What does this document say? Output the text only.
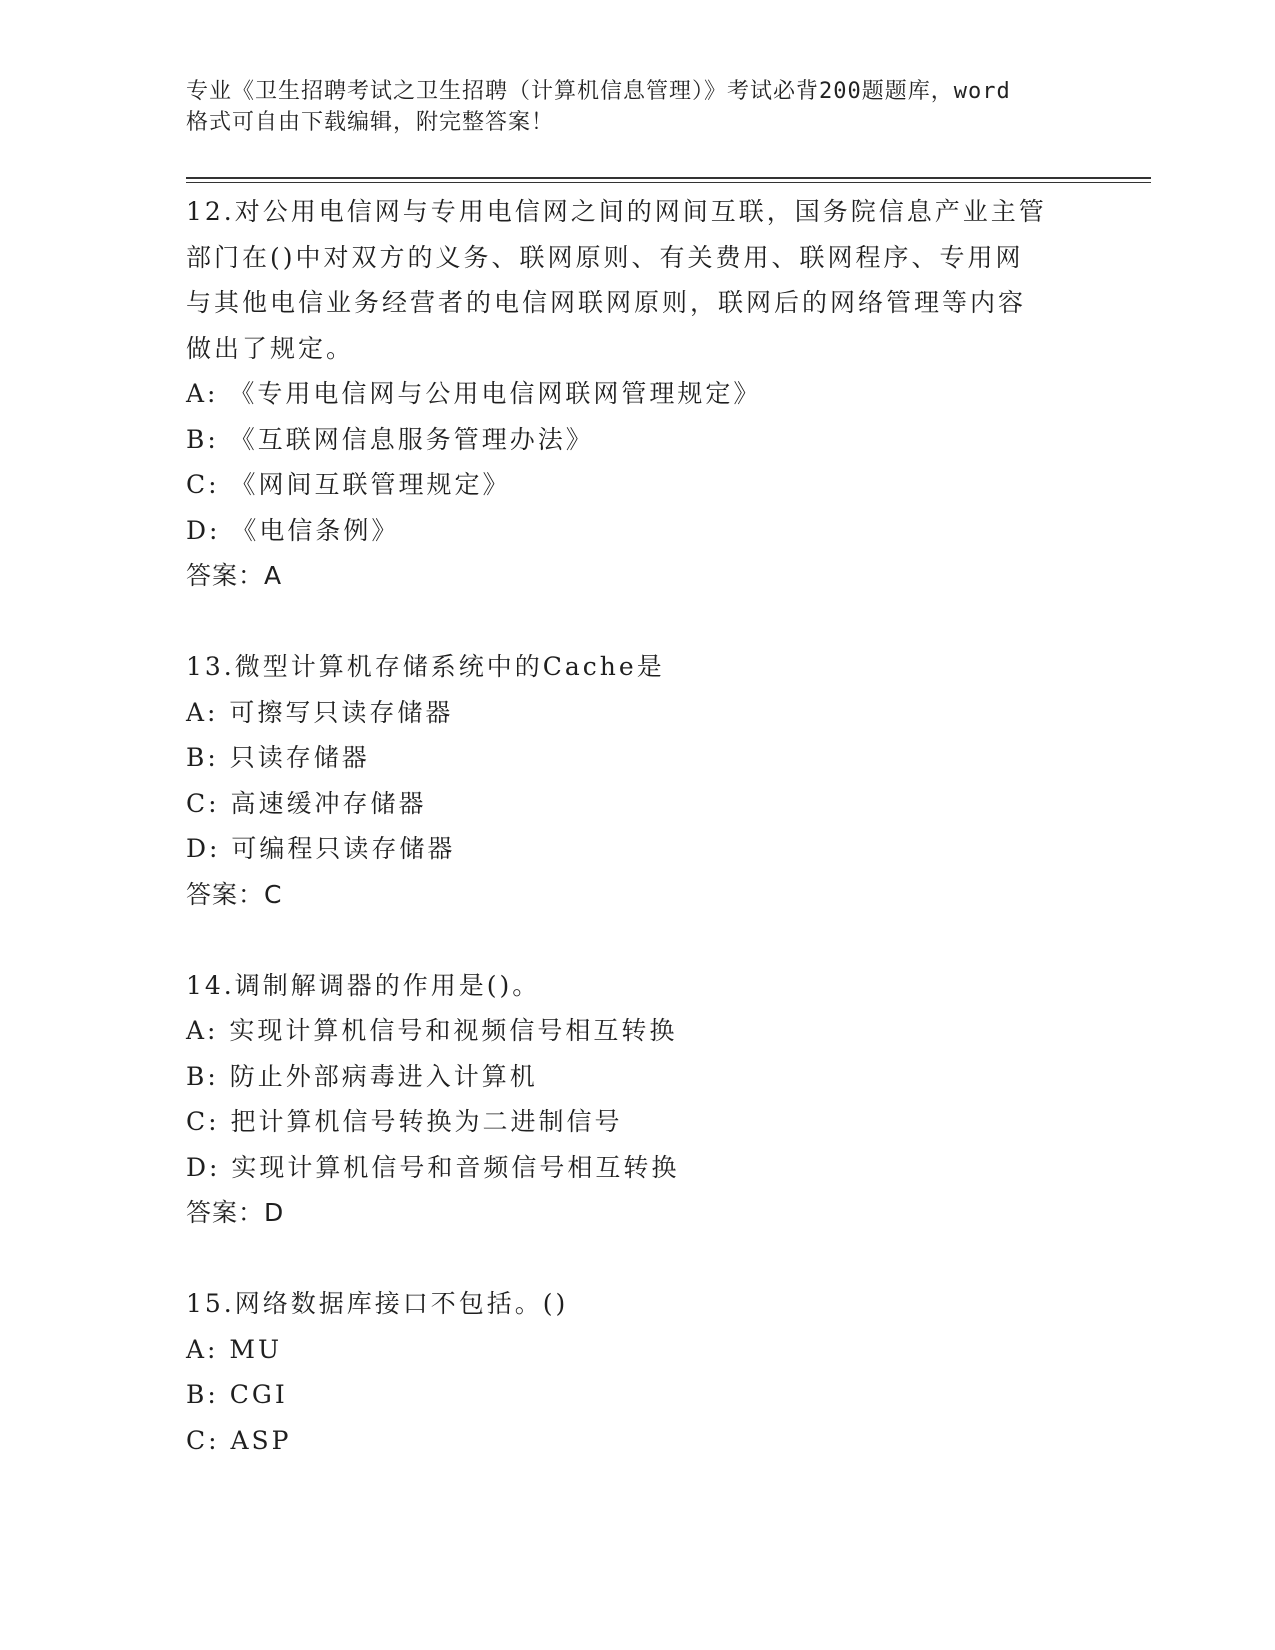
专业《卫生招聘考试之卫生招聘（计算机信息管理）》考试必背200题题库，word
格式可自由下载编辑，附完整答案！
12.对公用电信网与专用电信网之间的网间互联，国务院信息产业主管
部门在()中对双方的义务、联网原则、有关费用、联网程序、专用网
与其他电信业务经营者的电信网联网原则，联网后的网络管理等内容
做出了规定。
A: 《专用电信网与公用电信网联网管理规定》
B: 《互联网信息服务管理办法》
C: 《网间互联管理规定》
D: 《电信条例》
答案：A
13.微型计算机存储系统中的Cache是
A: 可擦写只读存储器
B: 只读存储器
C: 高速缓冲存储器
D: 可编程只读存储器
答案：C
14.调制解调器的作用是()。
A: 实现计算机信号和视频信号相互转换
B: 防止外部病毒进入计算机
C: 把计算机信号转换为二进制信号
D: 实现计算机信号和音频信号相互转换
答案：D
15.网络数据库接口不包括。()
A: MU
B: CGI
C: ASP
